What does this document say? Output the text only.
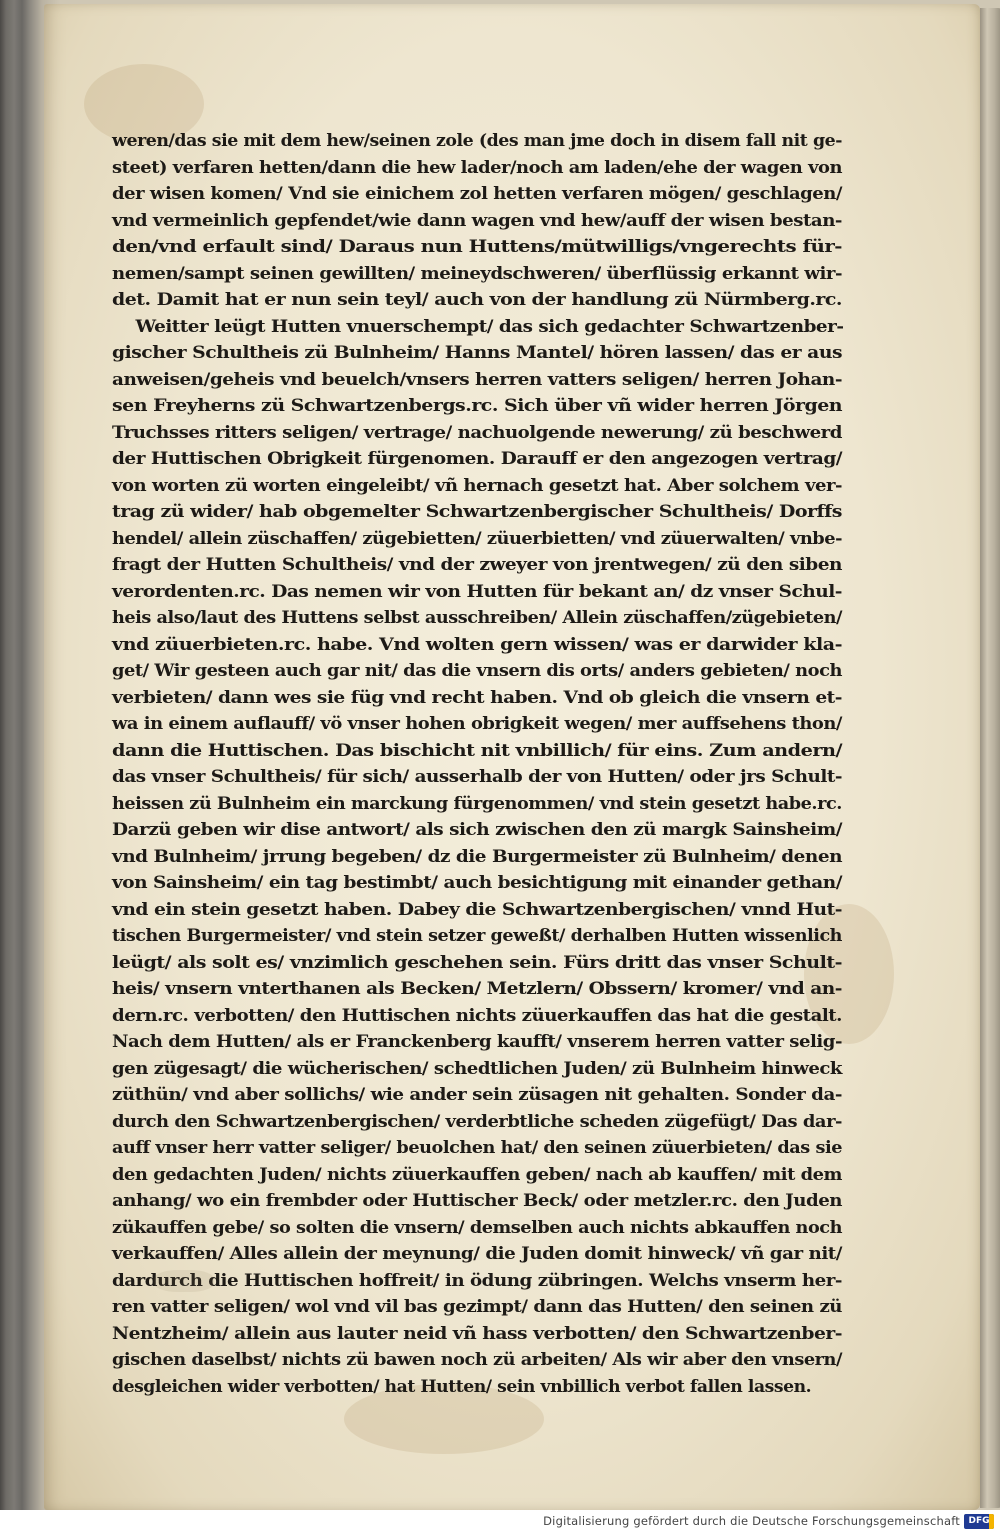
weren/das sie mit dem hew/seinen zole (des man jme doch in disem fall nit ge-
steet) verfaren hetten/dann die hew lader/noch am laden/ehe der wagen von
der wisen komen/ Vnd sie einichem zol hetten verfaren mögen/ geschlagen/
vnd vermeinlich gepfendet/wie dann wagen vnd hew/auff der wisen bestan-
den/vnd erfault sind/ Daraus nun Huttens/mütwilligs/vngerechts für-
nemen/sampt seinen gewillten/ meineydschweren/ überflüssig erkannt wir-
det. Damit hat er nun sein teyl/ auch von der handlung zü Nürmberg.rc.
Weitter leügt Hutten vnuerschempt/ das sich gedachter Schwartzenber-
gischer Schultheis zü Bulnheim/ Hanns Mantel/ hören lassen/ das er aus
anweisen/geheis vnd beuelch/vnsers herren vatters seligen/ herren Johan-
sen Freyherns zü Schwartzenbergs.rc. Sich über vñ wider herren Jörgen
Truchsses ritters seligen/ vertrage/ nachuolgende newerung/ zü beschwerd
der Huttischen Obrigkeit fürgenomen. Darauff er den angezogen vertrag/
von worten zü worten eingeleibt/ vñ hernach gesetzt hat. Aber solchem ver-
trag zü wider/ hab obgemelter Schwartzenbergischer Schultheis/ Dorffs
hendel/ allein züschaffen/ zügebietten/ züuerbietten/ vnd züuerwalten/ vnbe-
fragt der Hutten Schultheis/ vnd der zweyer von jrentwegen/ zü den siben
verordenten.rc. Das nemen wir von Hutten für bekant an/ dz vnser Schul-
heis also/laut des Huttens selbst ausschreiben/ Allein züschaffen/zügebieten/
vnd züuerbieten.rc. habe. Vnd wolten gern wissen/ was er darwider kla-
get/ Wir gesteen auch gar nit/ das die vnsern dis orts/ anders gebieten/ noch
verbieten/ dann wes sie füg vnd recht haben. Vnd ob gleich die vnsern et-
wa in einem auflauff/ vö vnser hohen obrigkeit wegen/ mer auffsehens thon/
dann die Huttischen. Das bischicht nit vnbillich/ für eins. Zum andern/
das vnser Schultheis/ für sich/ ausserhalb der von Hutten/ oder jrs Schult-
heissen zü Bulnheim ein marckung fürgenommen/ vnd stein gesetzt habe.rc.
Darzü geben wir dise antwort/ als sich zwischen den zü margk Sainsheim/
vnd Bulnheim/ jrrung begeben/ dz die Burgermeister zü Bulnheim/ denen
von Sainsheim/ ein tag bestimbt/ auch besichtigung mit einander gethan/
vnd ein stein gesetzt haben. Dabey die Schwartzenbergischen/ vnnd Hut-
tischen Burgermeister/ vnd stein setzer geweßt/ derhalben Hutten wissenlich
leügt/ als solt es/ vnzimlich geschehen sein. Fürs dritt das vnser Schult-
heis/ vnsern vnterthanen als Becken/ Metzlern/ Obssern/ kromer/ vnd an-
dern.rc. verbotten/ den Huttischen nichts züuerkauffen das hat die gestalt.
Nach dem Hutten/ als er Franckenberg kaufft/ vnserem herren vatter selig-
gen zügesagt/ die wücherischen/ schedtlichen Juden/ zü Bulnheim hinweck
züthün/ vnd aber sollichs/ wie ander sein züsagen nit gehalten. Sonder da-
durch den Schwartzenbergischen/ verderbtliche scheden zügefügt/ Das dar-
auff vnser herr vatter seliger/ beuolchen hat/ den seinen züuerbieten/ das sie
den gedachten Juden/ nichts züuerkauffen geben/ nach ab kauffen/ mit dem
anhang/ wo ein frembder oder Huttischer Beck/ oder metzler.rc. den Juden
zükauffen gebe/ so solten die vnsern/ demselben auch nichts abkauffen noch
verkauffen/ Alles allein der meynung/ die Juden domit hinweck/ vñ gar nit/
dardurch die Huttischen hoffreit/ in ödung zübringen. Welchs vnserm her-
ren vatter seligen/ wol vnd vil bas gezimpt/ dann das Hutten/ den seinen zü
Nentzheim/ allein aus lauter neid vñ hass verbotten/ den Schwartzenber-
gischen daselbst/ nichts zü bawen noch zü arbeiten/ Als wir aber den vnsern/
desgleichen wider verbotten/ hat Hutten/ sein vnbillich verbot fallen lassen.
Digitalisierung gefördert durch die Deutsche Forschungsgemeinschaft DFG
